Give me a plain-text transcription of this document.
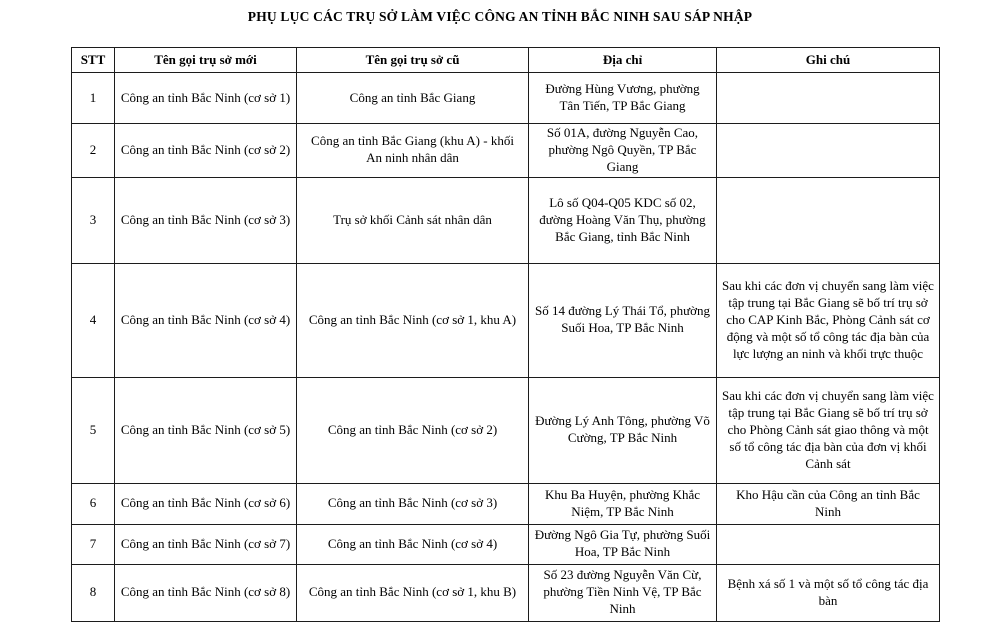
PHỤ LỤC CÁC TRỤ SỞ LÀM VIỆC CÔNG AN TỈNH BẮC NINH SAU SÁP NHẬP
STT	Tên gọi trụ sở mới	Tên gọi trụ sở cũ	Địa chỉ	Ghi chú
1	Công an tỉnh Bắc Ninh (cơ sở 1)	Công an tỉnh Bắc Giang	Đường Hùng Vương, phường Tân Tiến, TP Bắc Giang	
2	Công an tỉnh Bắc Ninh (cơ sở 2)	Công an tỉnh Bắc Giang (khu A) - khối An ninh nhân dân	Số 01A, đường Nguyễn Cao, phường Ngô Quyền, TP Bắc Giang	
3	Công an tỉnh Bắc Ninh (cơ sở 3)	Trụ sở khối Cảnh sát nhân dân	Lô số Q04-Q05 KDC số 02, đường Hoàng Văn Thụ, phường Bắc Giang, tỉnh Bắc Ninh	
4	Công an tỉnh Bắc Ninh (cơ sở 4)	Công an tỉnh Bắc Ninh (cơ sở 1, khu A)	Số 14 đường Lý Thái Tổ, phường Suối Hoa, TP Bắc Ninh	Sau khi các đơn vị chuyển sang làm việc tập trung tại Bắc Giang sẽ bố trí trụ sở cho CAP Kinh Bắc, Phòng Cảnh sát cơ động và một số tổ công tác địa bàn của lực lượng an ninh và khối trực thuộc
5	Công an tỉnh Bắc Ninh (cơ sở 5)	Công an tỉnh Bắc Ninh (cơ sở 2)	Đường Lý Anh Tông, phường Võ Cường, TP Bắc Ninh	Sau khi các đơn vị chuyển sang làm việc tập trung tại Bắc Giang sẽ bố trí trụ sở cho Phòng Cảnh sát giao thông và một số tổ công tác địa bàn của đơn vị khối Cảnh sát
6	Công an tỉnh Bắc Ninh (cơ sở 6)	Công an tỉnh Bắc Ninh (cơ sở 3)	Khu Ba Huyện, phường Khắc Niệm, TP Bắc Ninh	Kho Hậu cần của Công an tỉnh Bắc Ninh
7	Công an tỉnh Bắc Ninh (cơ sở 7)	Công an tỉnh Bắc Ninh (cơ sở 4)	Đường Ngô Gia Tự, phường Suối Hoa, TP Bắc Ninh	
8	Công an tỉnh Bắc Ninh (cơ sở 8)	Công an tỉnh Bắc Ninh (cơ sở 1, khu B)	Số 23 đường Nguyễn Văn Cừ, phường Tiền Ninh Vệ, TP Bắc Ninh	Bệnh xá số 1 và một số tổ công tác địa bàn
